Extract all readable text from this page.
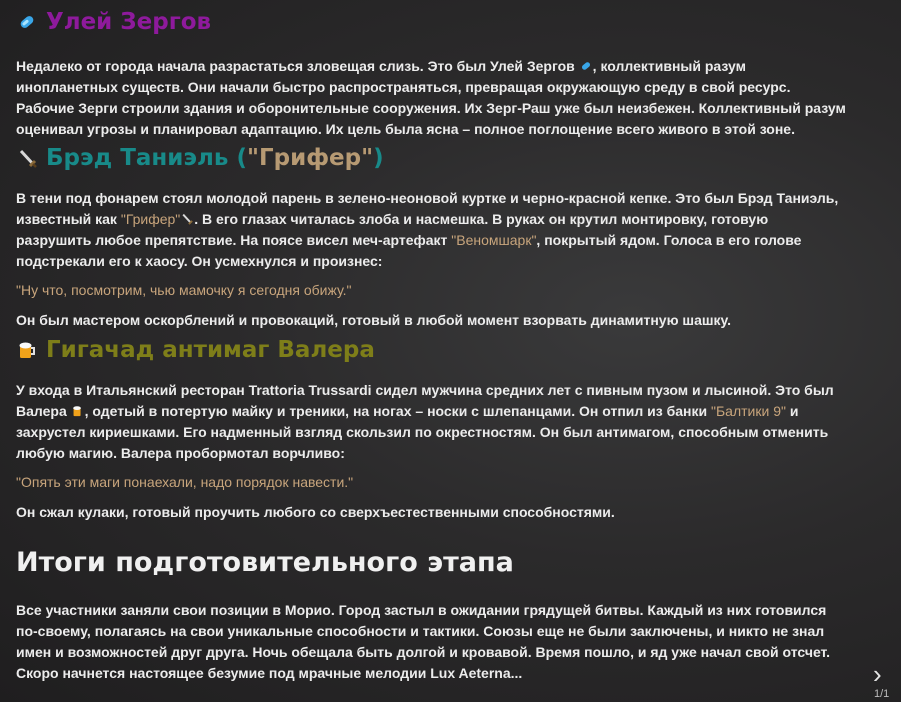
Улей Зергов

Недалеко от города начала разрастаться зловещая слизь. Это был Улей Зергов , коллективный разум инопланетных существ. Они начали быстро распространяться, превращая окружающую среду в свой ресурс. Рабочие Зерги строили здания и оборонительные сооружения. Их Зерг-Раш уже был неизбежен. Коллективный разум оценивал угрозы и планировал адаптацию. Их цель была ясна – полное поглощение всего живого в этой зоне.

Брэд Таниэль ( "Грифер" )

В тени под фонарем стоял молодой парень в зелено-неоновой куртке и черно-красной кепке. Это был Брэд Таниэль, известный как "Грифер" . В его глазах читалась злоба и насмешка. В руках он крутил монтировку, готовую разрушить любое препятствие. На поясе висел меч-артефакт "Веномшарк", покрытый ядом. Голоса в его голове подстрекали его к хаосу. Он усмехнулся и произнес:

"Ну что, посмотрим, чью мамочку я сегодня обижу."

Он был мастером оскорблений и провокаций, готовый в любой момент взорвать динамитную шашку.

Гигачад антимаг Валера

У входа в Итальянский ресторан Trattoria Trussardi сидел мужчина средних лет с пивным пузом и лысиной. Это был Валера , одетый в потертую майку и треники, на ногах – носки с шлепанцами. Он отпил из банки "Балтики 9" и захрустел кириешками. Его надменный взгляд скользил по окрестностям. Он был антимагом, способным отменить любую магию. Валера пробормотал ворчливо:

"Опять эти маги понаехали, надо порядок навести."

Он сжал кулаки, готовый проучить любого со сверхъестественными способностями.

Итоги подготовительного этапа

Все участники заняли свои позиции в Морио. Город застыл в ожидании грядущей битвы. Каждый из них готовился по-своему, полагаясь на свои уникальные способности и тактики. Союзы еще не были заключены, и никто не знал имен и возможностей друг друга. Ночь обещала быть долгой и кровавой. Время пошло, и яд уже начал свой отсчет. Скоро начнется настоящее безумие под мрачные мелодии Lux Aeterna...	›
1/1
